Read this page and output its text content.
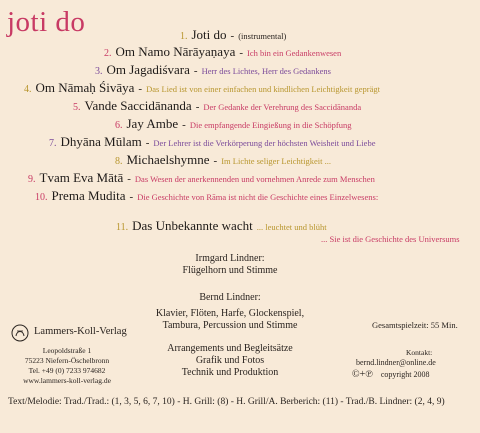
joti do	1. Joti do - (instrumental)
2. Om Namo Nārāyaṇaya - Ich bin ein Gedankenwesen
3. Om Jagadiśvara - Herr des Lichtes, Herr des Gedankens
4. Om Nāmaḥ Śivāya - Das Lied ist von einer einfachen und kindlichen Leichtigkeit geprägt
5. Vande Saccidānanda - Der Gedanke der Verehrung des Saccidānanda
6. Jay Ambe - Die empfangende Eingießung in die Schöpfung
7. Dhyāna Mūlam - Der Lehrer ist die Verkörperung der höchsten Weisheit und Liebe
8. Michaelshymne - Im Lichte seliger Leichtigkeit ...
9. Tvam Eva Mātā - Das Wesen der anerkennenden und vornehmen Anrede zum Menschen
10. Prema Mudita - Die Geschichte von Rāma ist nicht die Geschichte eines Einzelwesens:
... Sie ist die Geschichte des Universums
11. Das Unbekannte wacht ... leuchtet und blüht
Irmgard Lindner:
Flügelhorn und Stimme
Bernd Lindner:
Klavier, Flöten, Harfe, Glockenspiel,
Tambura, Percussion und Stimme
Arrangements und Begleitsätze
Grafik und Fotos
Technik und Produktion
Lammers-Koll-Verlag
Leopoldstraße 1
75223 Niefern-Öschelbronn
Tel. +49 (0) 7233 974682
www.lammers-koll-verlag.de
Gesamtspielzeit: 55 Min.
Kontakt:
bernd.lindner@online.de
©+℗ copyright 2008
Text/Melodie: Trad./Trad.: (1, 3, 5, 6, 7, 10) - H. Grill: (8) - H. Grill/A. Berberich: (11) - Trad./B. Lindner: (2, 4, 9)
